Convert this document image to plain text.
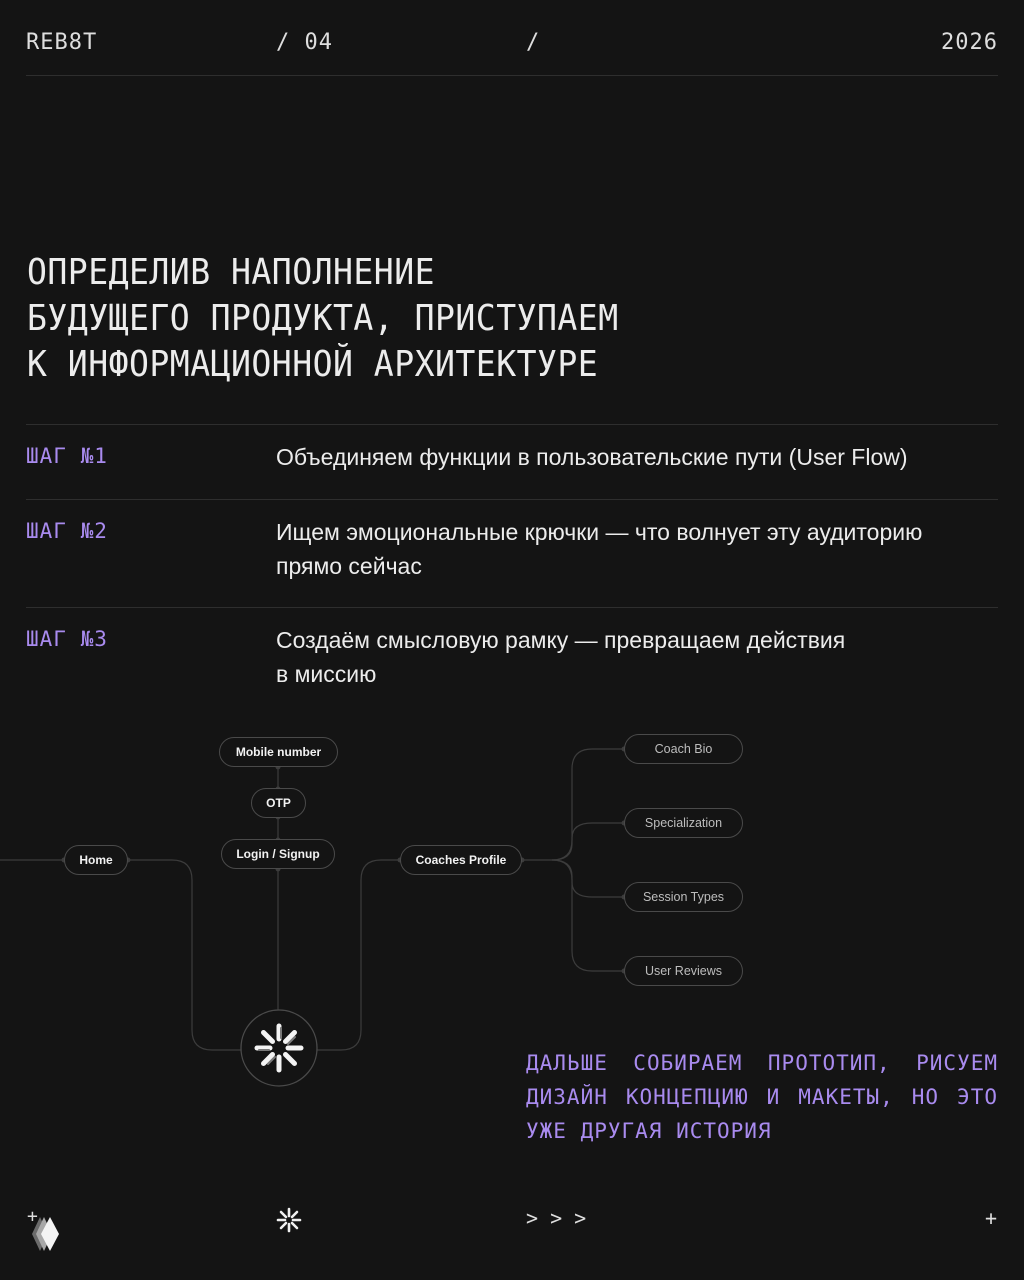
REB8T	/ 04	/	2026
ОПРЕДЕЛИВ НАПОЛНЕНИЕ
БУДУЩЕГО ПРОДУКТА, ПРИСТУПАЕМ
К ИНФОРМАЦИОННОЙ АРХИТЕКТУРЕ
ШАГ №1	Объединяем функции в пользовательские пути (User Flow)
ШАГ №2	Ищем эмоциональные крючки — что волнует эту аудиторию
прямо сейчас
ШАГ №3	Создаём смысловую рамку — превращаем действия
в миссию
Home
Mobile number
OTP
Login / Signup	Coaches Profile
Coach Bio
Specialization
Session Types
User Reviews
ДАЛЬШЕ СОБИРАЕМ ПРОТОТИП, РИСУЕМ
ДИЗАЙН КОНЦЕПЦИЮ И МАКЕТЫ, НО ЭТО
УЖЕ ДРУГАЯ ИСТОРИЯ
+	> > >	+
